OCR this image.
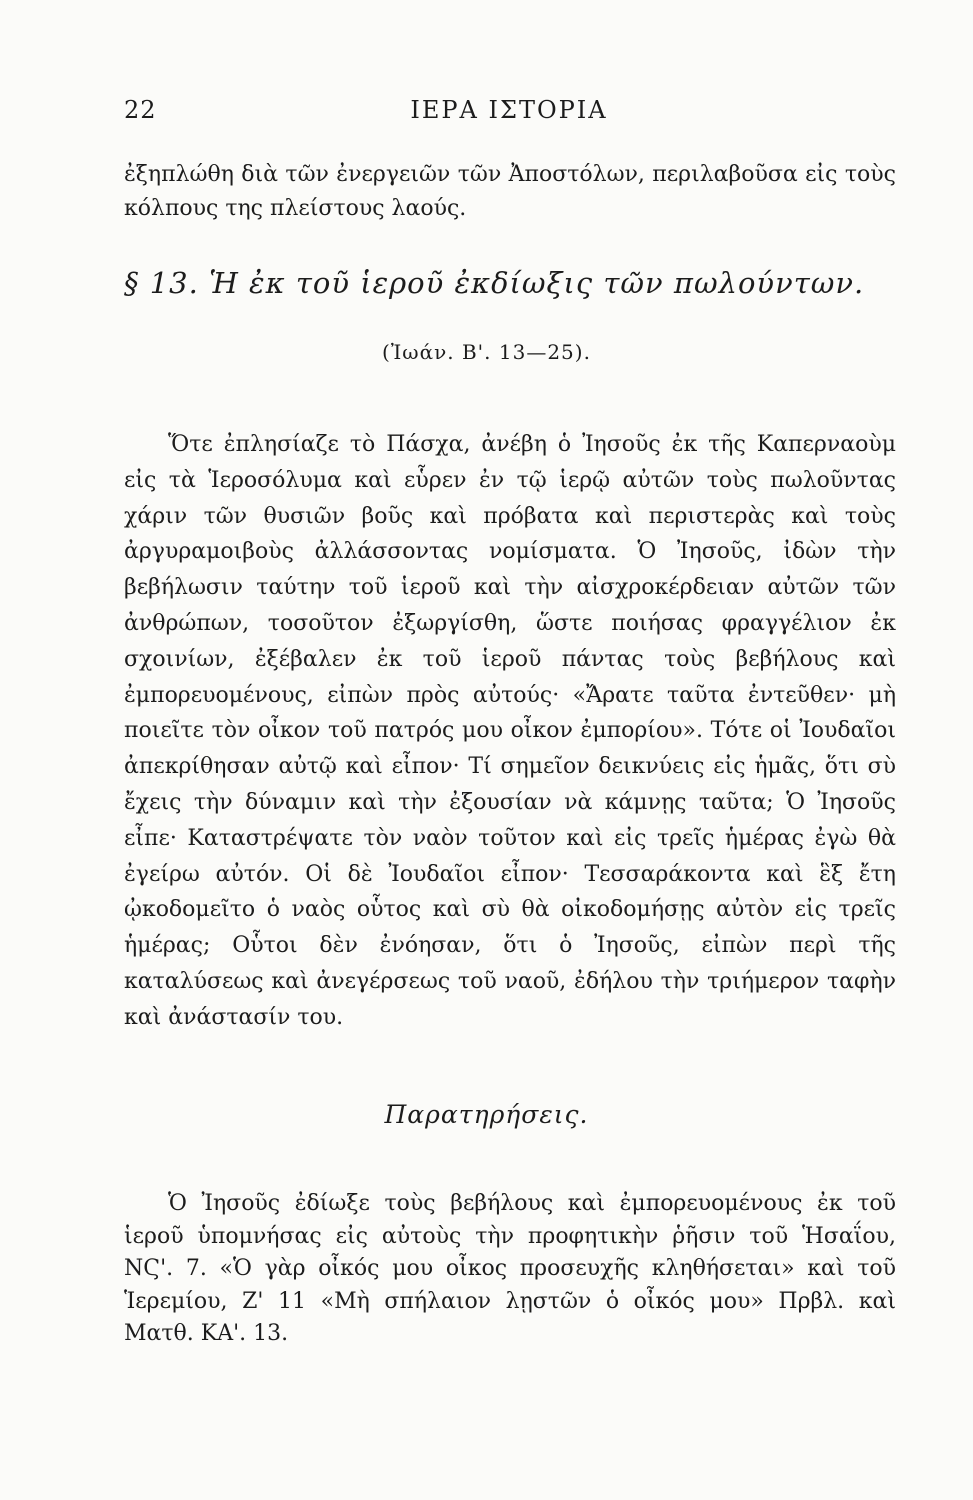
22	ΙΕΡΑ ΙΣΤΟΡΙΑ

ἐξηπλώθη διὰ τῶν ἐνεργειῶν τῶν Ἀποστόλων, περιλαβοῦσα εἰς τοὺς κόλπους της πλείστους λαούς.

§ 13. Ἡ ἐκ τοῦ ἱεροῦ ἐκδίωξις τῶν πωλούντων.
(Ἰωάν. Β'. 13—25).

Ὅτε ἐπλησίαζε τὸ Πάσχα, ἀνέβη ὁ Ἰησοῦς ἐκ τῆς Καπερναοὺμ εἰς τὰ Ἱεροσόλυμα καὶ εὗρεν ἐν τῷ ἱερῷ αὐτῶν τοὺς πωλοῦντας χάριν τῶν θυσιῶν βοῦς καὶ πρόβατα καὶ περιστερὰς καὶ τοὺς ἀργυραμοιβοὺς ἀλλάσσοντας νομίσματα. Ὁ Ἰησοῦς, ἰδὼν τὴν βεβήλωσιν ταύτην τοῦ ἱεροῦ καὶ τὴν αἰσχροκέρδειαν αὐτῶν τῶν ἀνθρώπων, τοσοῦτον ἐξωργίσθη, ὥστε ποιήσας φραγγέλιον ἐκ σχοινίων, ἐξέβαλεν ἐκ τοῦ ἱεροῦ πάντας τοὺς βεβήλους καὶ ἐμπορευομένους, εἰπὼν πρὸς αὐτούς· «Ἄρατε ταῦτα ἐντεῦθεν· μὴ ποιεῖτε τὸν οἶκον τοῦ πατρός μου οἶκον ἐμπορίου». Τότε οἱ Ἰουδαῖοι ἀπεκρίθησαν αὐτῷ καὶ εἶπον· Τί σημεῖον δεικνύεις εἰς ἡμᾶς, ὅτι σὺ ἔχεις τὴν δύναμιν καὶ τὴν ἐξουσίαν νὰ κάμνῃς ταῦτα; Ὁ Ἰησοῦς εἶπε· Καταστρέψατε τὸν ναὸν τοῦτον καὶ εἰς τρεῖς ἡμέρας ἐγὼ θὰ ἐγείρω αὐτόν. Οἱ δὲ Ἰουδαῖοι εἶπον· Τεσσαράκοντα καὶ ἓξ ἔτη ᾠκοδομεῖτο ὁ ναὸς οὗτος καὶ σὺ θὰ οἰκοδομήσῃς αὐτὸν εἰς τρεῖς ἡμέρας; Οὗτοι δὲν ἐνόησαν, ὅτι ὁ Ἰησοῦς, εἰπὼν περὶ τῆς καταλύσεως καὶ ἀνεγέρσεως τοῦ ναοῦ, ἐδήλου τὴν τριήμερον ταφὴν καὶ ἀνάστασίν του.

Παρατηρήσεις.

Ὁ Ἰησοῦς ἐδίωξε τοὺς βεβήλους καὶ ἐμπορευομένους ἐκ τοῦ ἱεροῦ ὑπομνήσας εἰς αὐτοὺς τὴν προφητικὴν ῥῆσιν τοῦ Ἡσαΐου, ΝϚ'. 7. «Ὁ γὰρ οἶκός μου οἶκος προσευχῆς κληθήσεται» καὶ τοῦ Ἱερεμίου, Ζ' 11 «Μὴ σπήλαιον λῃστῶν ὁ οἶκός μου» Πρβλ. καὶ Ματθ. ΚΑ'. 13.
